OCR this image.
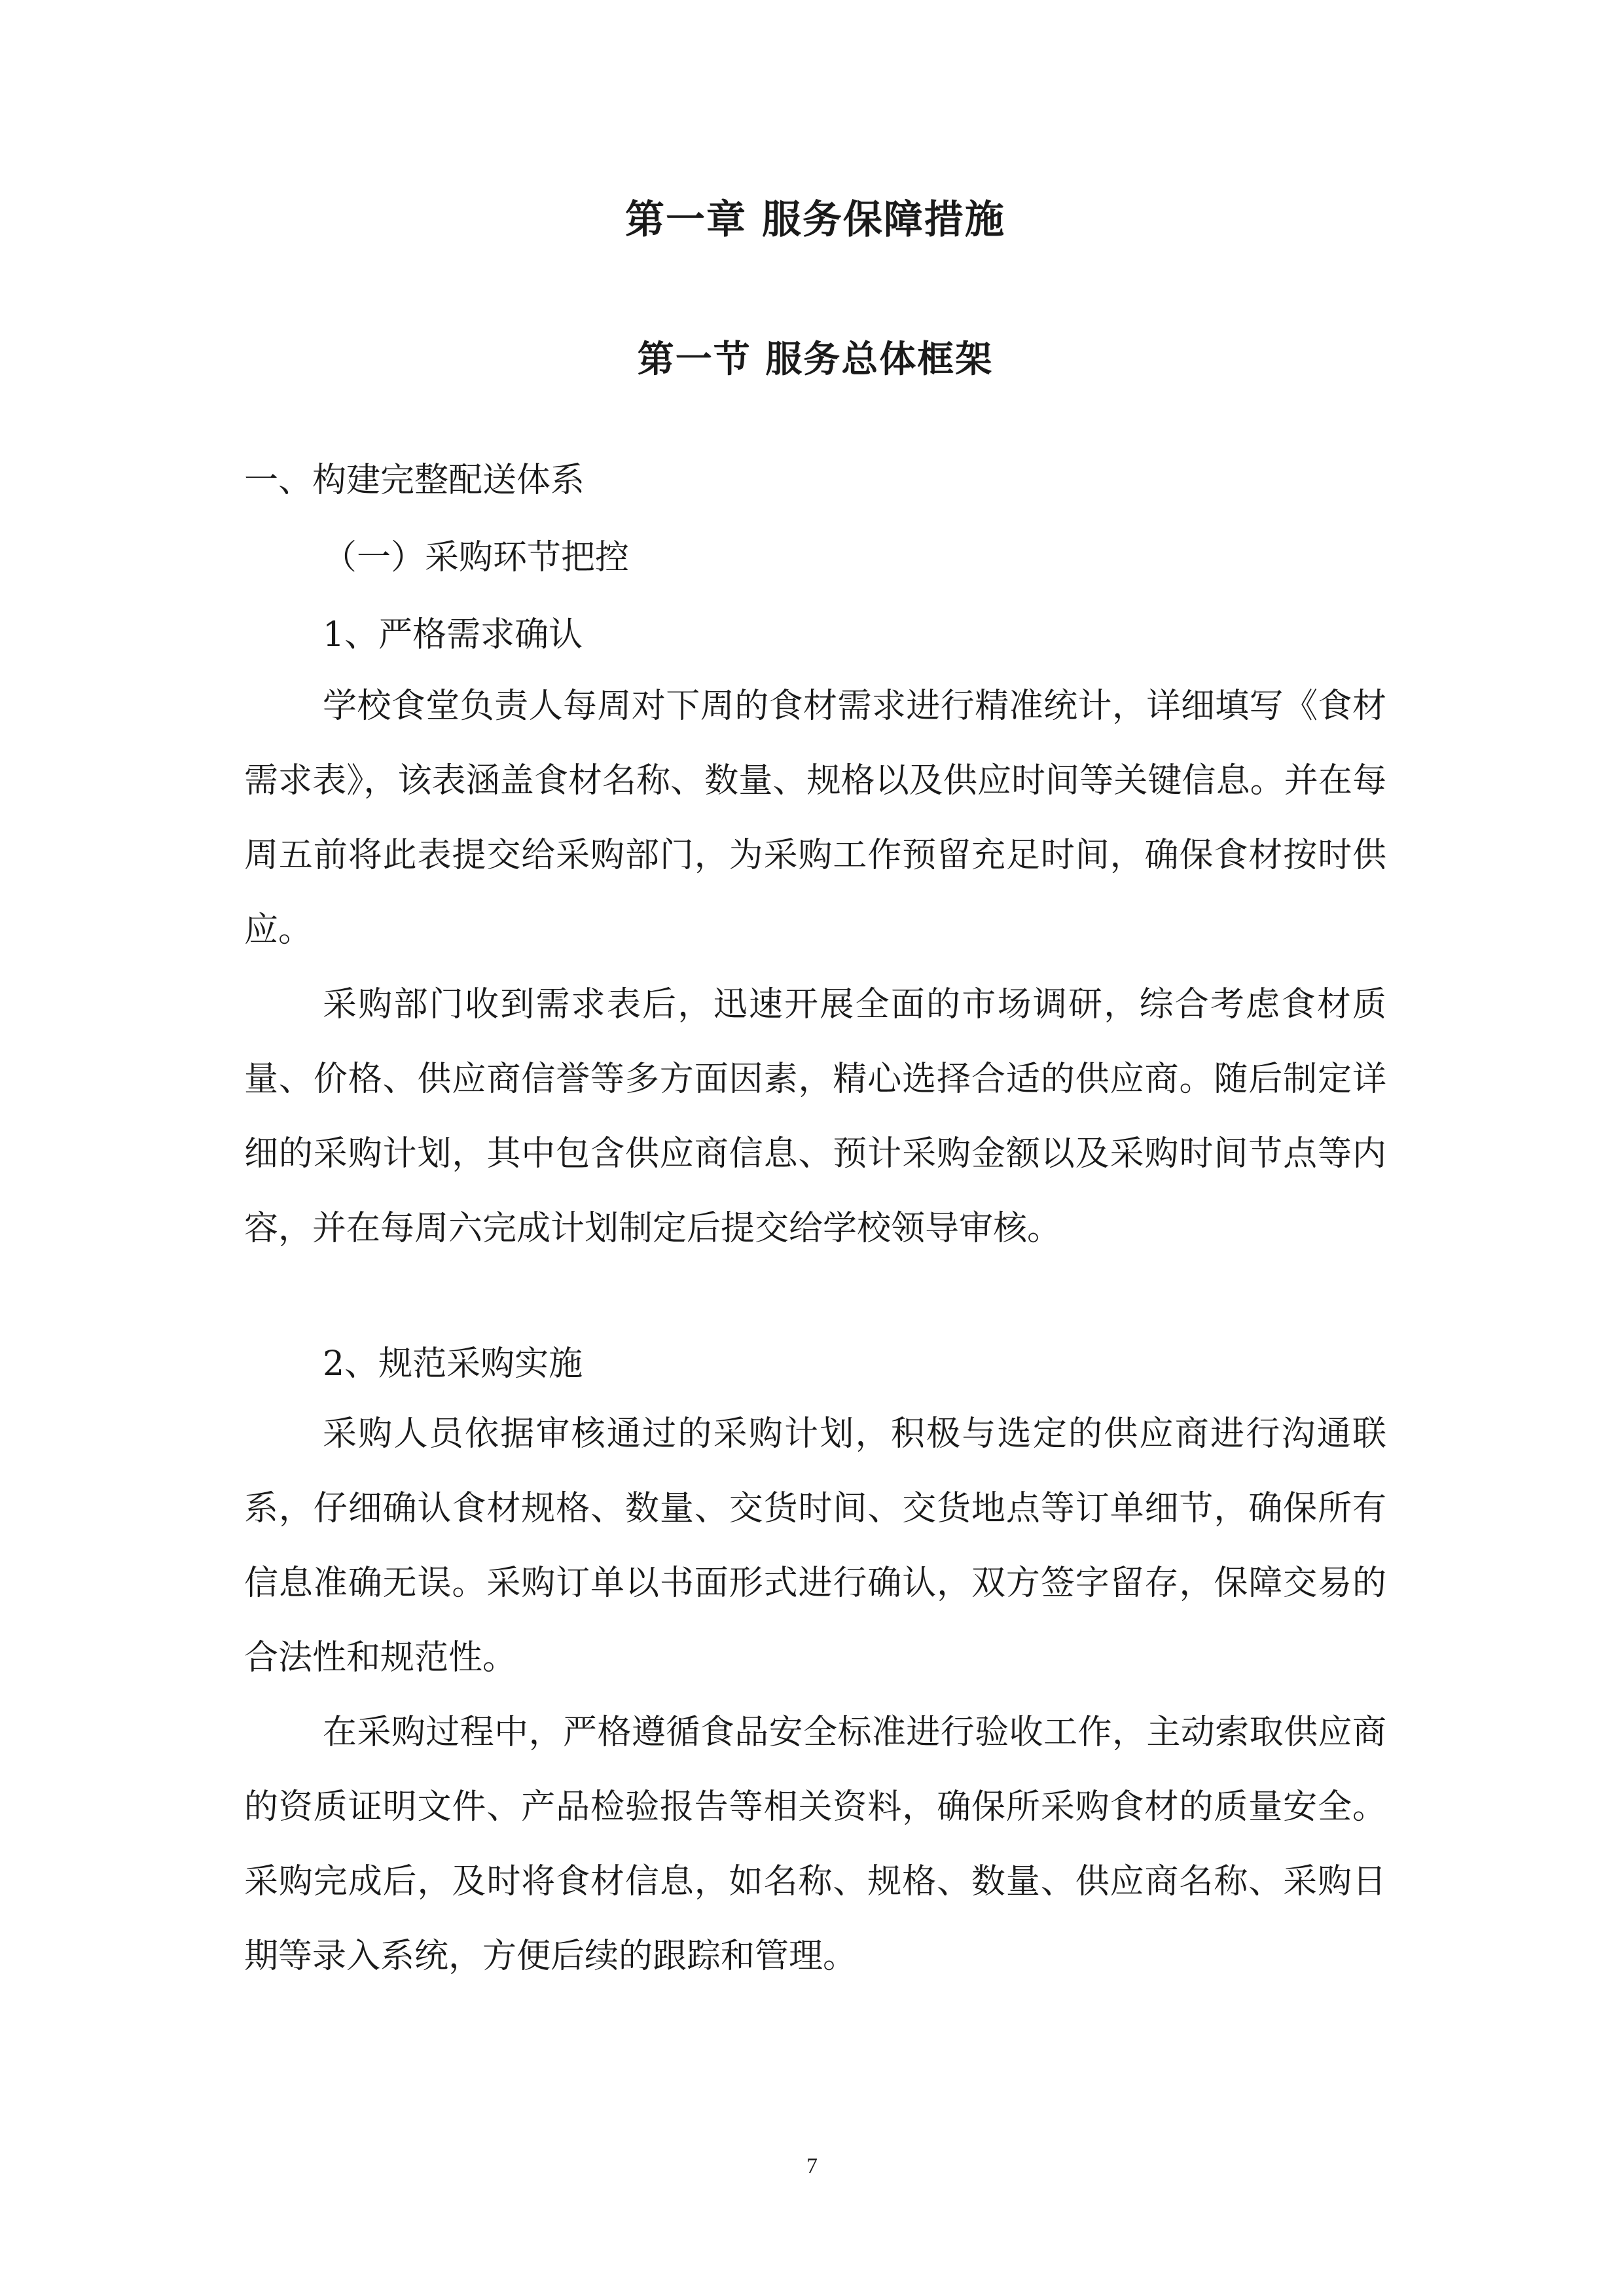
第一章 服务保障措施
第一节 服务总体框架

一、构建完整配送体系

（一）采购环节把控

1、严格需求确认

学校食堂负责人每周对下周的食材需求进行精准统计，详细填写《食材需求表》，该表涵盖食材名称、数量、规格以及供应时间等关键信息。并在每周五前将此表提交给采购部门，为采购工作预留充足时间，确保食材按时供应。

采购部门收到需求表后，迅速开展全面的市场调研，综合考虑食材质量、价格、供应商信誉等多方面因素，精心选择合适的供应商。随后制定详细的采购计划，其中包含供应商信息、预计采购金额以及采购时间节点等内容，并在每周六完成计划制定后提交给学校领导审核。

2、规范采购实施

采购人员依据审核通过的采购计划，积极与选定的供应商进行沟通联系，仔细确认食材规格、数量、交货时间、交货地点等订单细节，确保所有信息准确无误。采购订单以书面形式进行确认，双方签字留存，保障交易的合法性和规范性。

在采购过程中，严格遵循食品安全标准进行验收工作，主动索取供应商的资质证明文件、产品检验报告等相关资料，确保所采购食材的质量安全。采购完成后，及时将食材信息，如名称、规格、数量、供应商名称、采购日期等录入系统，方便后续的跟踪和管理。

7
